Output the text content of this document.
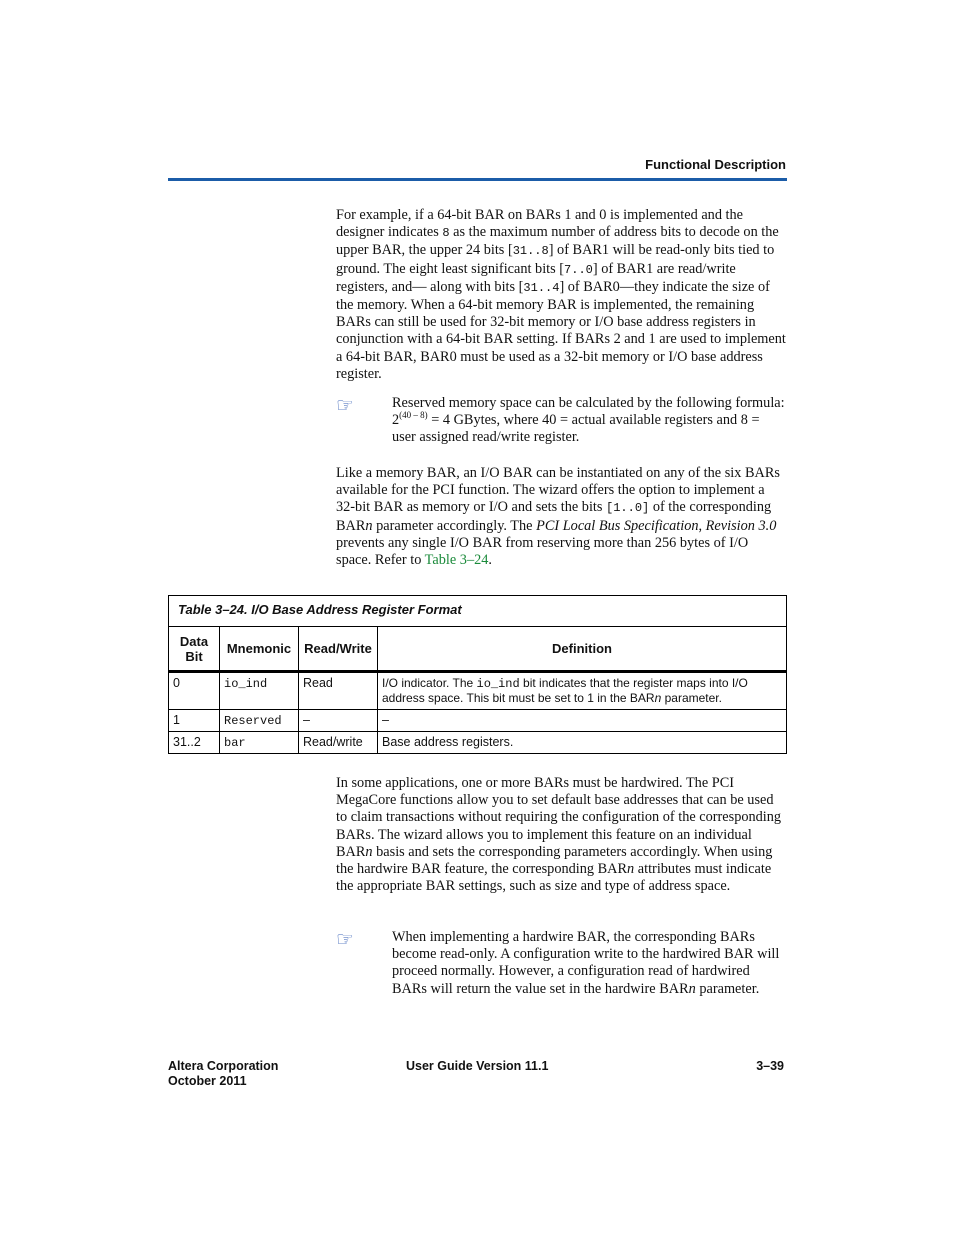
Functional Description
For example, if a 64-bit BAR on BARs 1 and 0 is implemented and the designer indicates 8 as the maximum number of address bits to decode on the upper BAR, the upper 24 bits [31..8] of BAR1 will be read-only bits tied to ground. The eight least significant bits [7..0] of BAR1 are read/write registers, and— along with bits [31..4] of BAR0—they indicate the size of the memory. When a 64-bit memory BAR is implemented, the remaining BARs can still be used for 32-bit memory or I/O base address registers in conjunction with a 64-bit BAR setting. If BARs 2 and 1 are used to implement a 64-bit BAR, BAR0 must be used as a 32-bit memory or I/O base address register.
☞	Reserved memory space can be calculated by the following formula: $2^{(40 - 8)} = 4$ GBytes, where 40 = actual available registers and 8 = user assigned read/write register.
Like a memory BAR, an I/O BAR can be instantiated on any of the six BARs available for the PCI function. The wizard offers the option to implement a 32-bit BAR as memory or I/O and sets the bits [1..0] of the corresponding BARn parameter accordingly. The PCI Local Bus Specification, Revision 3.0 prevents any single I/O BAR from reserving more than 256 bytes of I/O space. Refer to Table 3–24.
Table 3–24. I/O Base Address Register Format
Data Bit	Mnemonic	Read/Write	Definition
0	io_ind	Read	I/O indicator. The io_ind bit indicates that the register maps into I/O address space. This bit must be set to 1 in the BARn parameter.
1	Reserved	–	–
31..2	bar	Read/write	Base address registers.
In some applications, one or more BARs must be hardwired. The PCI MegaCore functions allow you to set default base addresses that can be used to claim transactions without requiring the configuration of the corresponding BARs. The wizard allows you to implement this feature on an individual BARn basis and sets the corresponding parameters accordingly. When using the hardwire BAR feature, the corresponding BARn attributes must indicate the appropriate BAR settings, such as size and type of address space.
☞	When implementing a hardwire BAR, the corresponding BARs become read-only. A configuration write to the hardwired BAR will proceed normally. However, a configuration read of hardwired BARs will return the value set in the hardwire BARn parameter.
Altera Corporation
October 2011
User Guide Version 11.1	3–39
